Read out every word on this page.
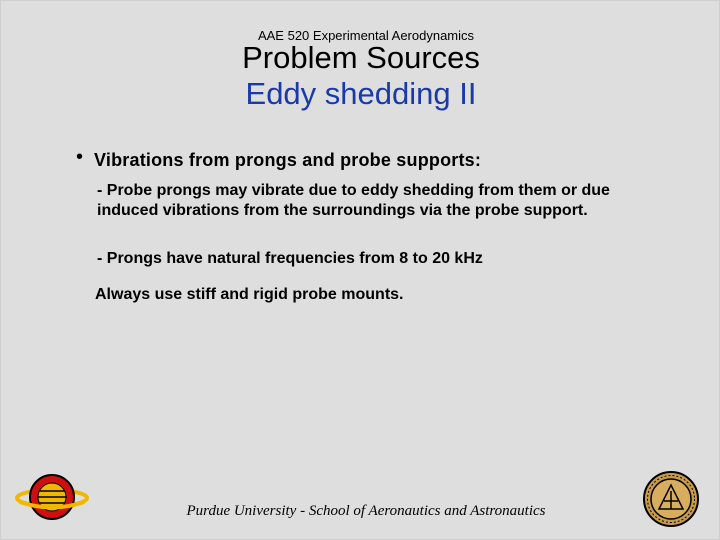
AAE 520 Experimental Aerodynamics
Problem Sources
Eddy shedding II
• Vibrations from prongs and probe supports:
- Probe prongs may vibrate due to eddy shedding from them or due induced vibrations from the surroundings via the probe support.
- Prongs have natural frequencies from 8 to 20 kHz
Always use stiff and rigid probe mounts.
Purdue University - School of Aeronautics and Astronautics
